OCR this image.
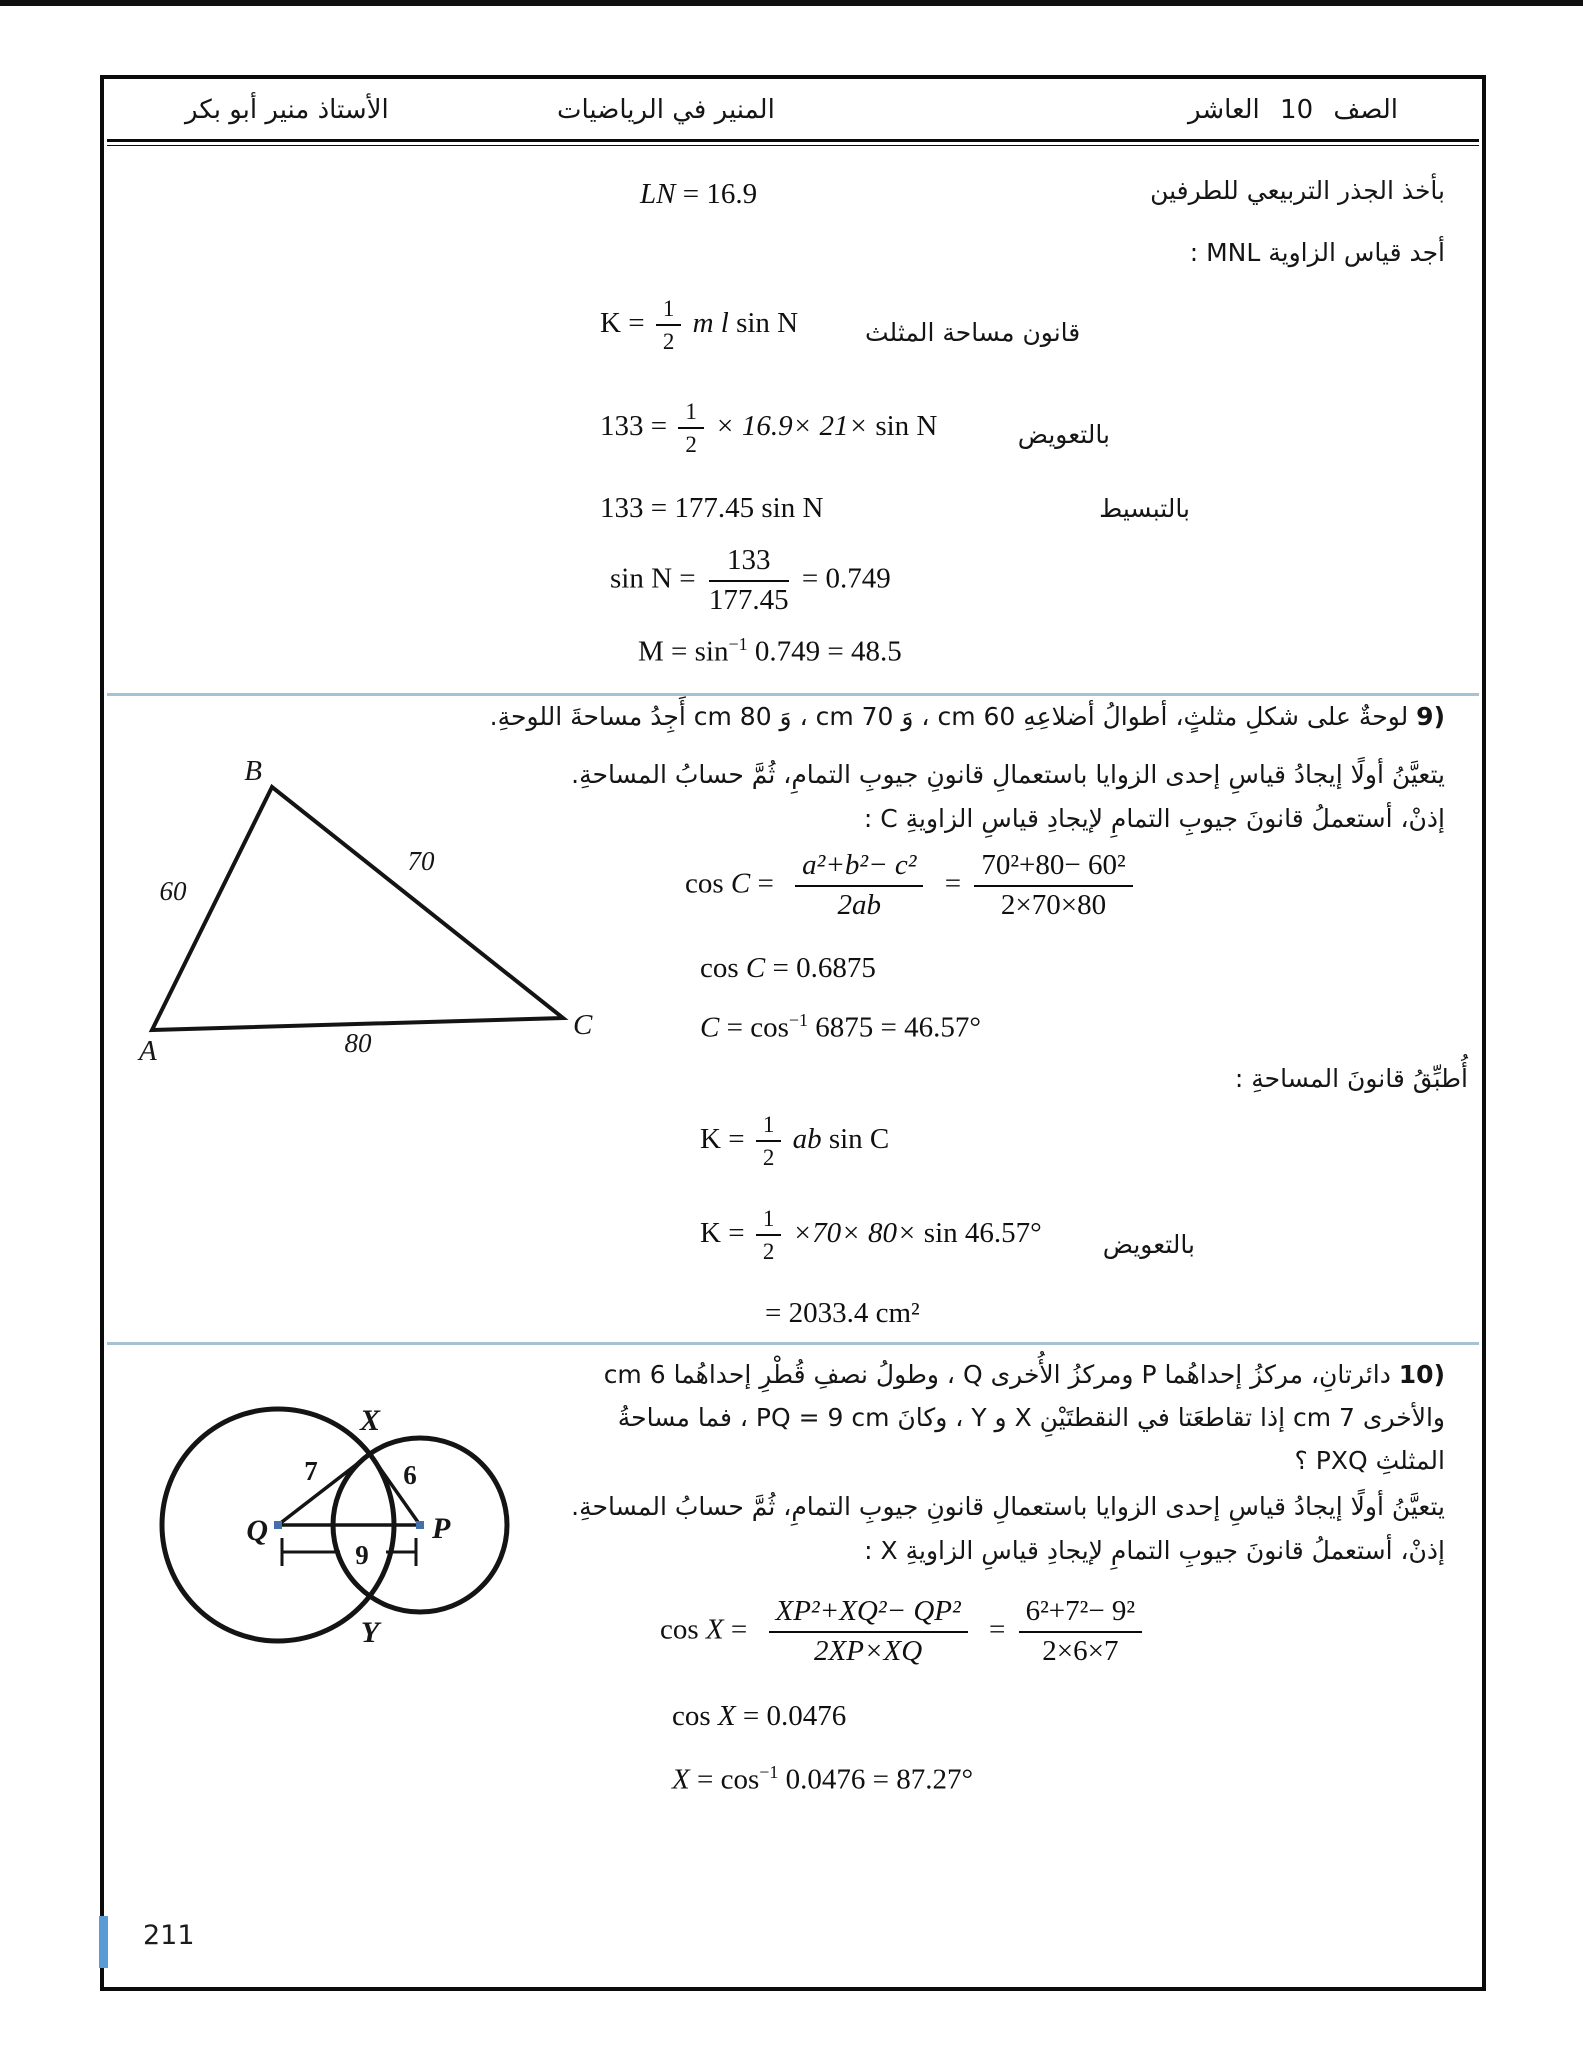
الصف 10 العاشر
المنير في الرياضيات
الأستاذ منير أبو بكر
بأخذ الجذر التربيعي للطرفين
LN = 16.9
أجد قياس الزاوية MNL :
$K = \frac{1}{2}$ m l sin N	قانون مساحة المثلث
$133 = \frac{1}{2} \times 16.9\times 21\times \sin N$	بالتعويض
133 = 177.45 sin N	بالتبسيط
$\sin N = \frac{133}{177.45} = 0.749$
$M = \sin^{-1} 0.749 = 48.5$
9) لوحةٌ على شكلِ مثلثٍ، أطوالُ أضلاعِهِ 60 cm ، وَ 70 cm ، وَ 80 cm أَجِدُ مساحةَ اللوحةِ.
يتعيَّنُ أولًا إيجادُ قياسِ إحدى الزوايا باستعمالِ قانونِ جيوبِ التمامِ، ثُمَّ حسابُ المساحةِ.
إذنْ، أستعملُ قانونَ جيوبِ التمامِ لإيجادِ قياسِ الزاويةِ C :
$\cos C = \frac{\text{a²+b²− c²}}{2ab} = \frac{\text{70²+80− 60²}}{2\times 70\times 80}$
cos C = 0.6875
$C = \cos^{-1} 6875 = 46.57^\circ$
أُطبِّقُ قانونَ المساحةِ :
$K = \frac{1}{2}$ ab sin C
$K = \frac{1}{2} \times 70\times 80\times \sin 46.57^\circ$ بالتعويض
= 2033.4 cm²
B
A
C
60
70
80
10) دائرتانِ، مركزُ إحداهُما P ومركزُ الأُخرى Q ، وطولُ نصفِ قُطْرِ إحداهُما 6 cm
والأخرى 7 cm إذا تقاطعَتا في النقطتَيْنِ X و Y ، وكانَ PQ = 9 cm ، فما مساحةُ
المثلثِ PXQ ؟
يتعيَّنُ أولًا إيجادُ قياسِ إحدى الزوايا باستعمالِ قانونِ جيوبِ التمامِ، ثُمَّ حسابُ المساحةِ.
إذنْ، أستعملُ قانونَ جيوبِ التمامِ لإيجادِ قياسِ الزاويةِ X :
$\cos X = \frac{\text{XP²+XQ²− QP²}}{2XP\times XQ} = \frac{\text{6²+7²− 9²}}{2\times 6\times 7}$
cos X = 0.0476
$X = \cos^{-1} 0.0476 = 87.27^\circ$
X
Y
Q	P
7	6
9
211
